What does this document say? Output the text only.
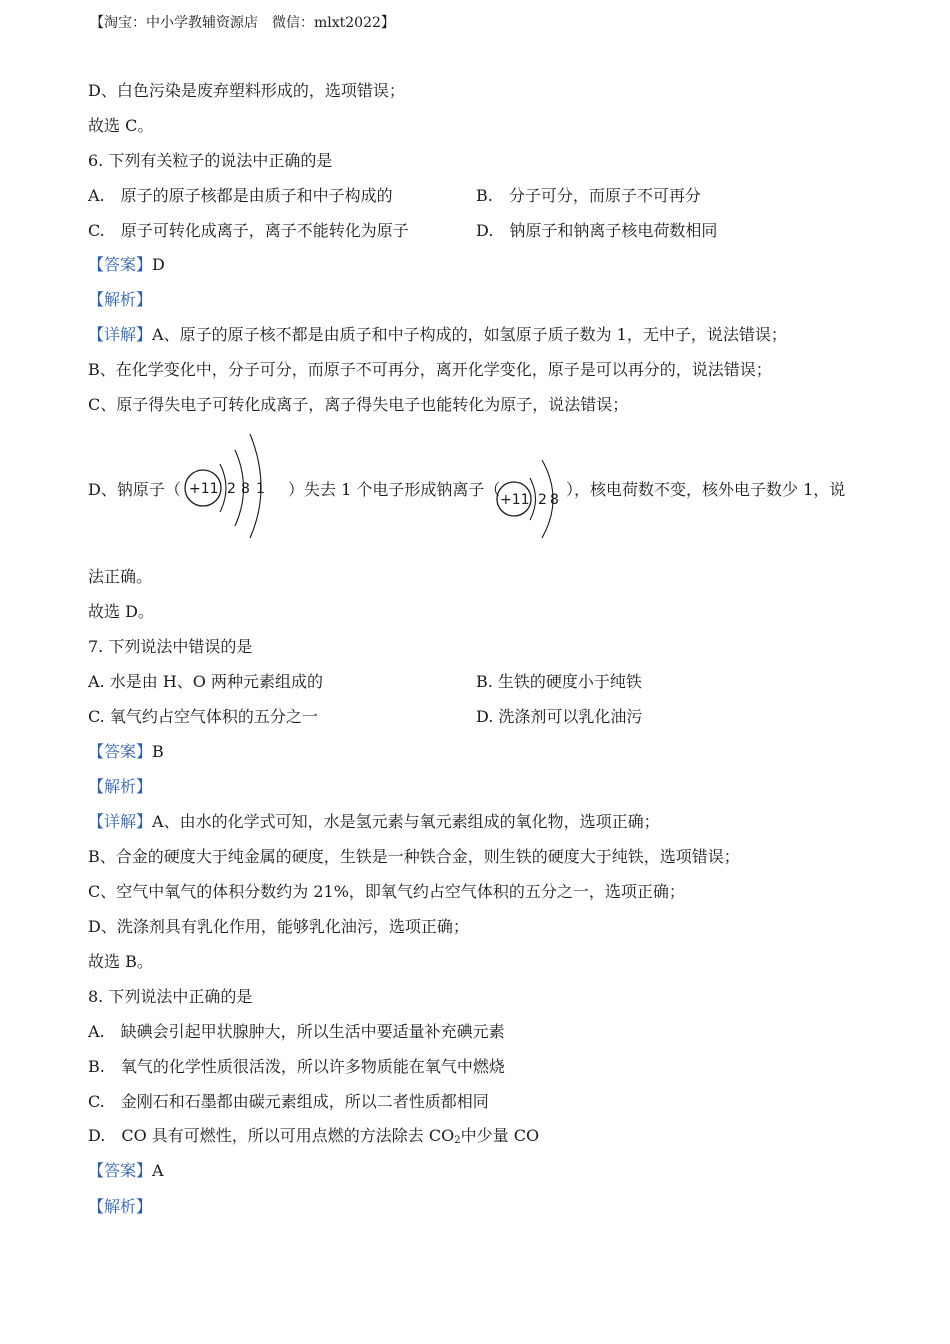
【淘宝：中小学教辅资源店　微信：mlxt2022】
D、白色污染是废弃塑料形成的，选项错误；
故选 C。
6. 下列有关粒子的说法中正确的是
A.　原子的原子核都是由质子和中子构成的	B.　分子可分，而原子不可再分
C.　原子可转化成离子，离子不能转化为原子	D.　钠原子和钠离子核电荷数相同
【答案】D
【解析】
【详解】A、原子的原子核不都是由质子和中子构成的，如氢原子质子数为 1，无中子，说法错误；
B、在化学变化中，分子可分，而原子不可再分，离开化学变化，原子是可以再分的，说法错误；
C、原子得失电子可转化成离子，离子得失电子也能转化为原子，说法错误；
D、钠原子（ +11 2 8 1 ）失去 1 个电子形成钠离子（
+11 2 8
），核电荷数不变，核外电子数少 1，说
法正确。
故选 D。
7. 下列说法中错误的是
A. 水是由 H、O 两种元素组成的	B. 生铁的硬度小于纯铁
C. 氧气约占空气体积的五分之一	D. 洗涤剂可以乳化油污
【答案】B
【解析】
【详解】A、由水的化学式可知，水是氢元素与氧元素组成的氧化物，选项正确；
B、合金的硬度大于纯金属的硬度，生铁是一种铁合金，则生铁的硬度大于纯铁，选项错误；
C、空气中氧气的体积分数约为 21%，即氧气约占空气体积的五分之一，选项正确；
D、洗涤剂具有乳化作用，能够乳化油污，选项正确；
故选 B。
8. 下列说法中正确的是
A.　缺碘会引起甲状腺肿大，所以生活中要适量补充碘元素
B.　氧气的化学性质很活泼，所以许多物质能在氧气中燃烧
C.　金刚石和石墨都由碳元素组成，所以二者性质都相同
D.　CO 具有可燃性，所以可用点燃的方法除去 $CO_2$中少量 CO
【答案】A
【解析】
